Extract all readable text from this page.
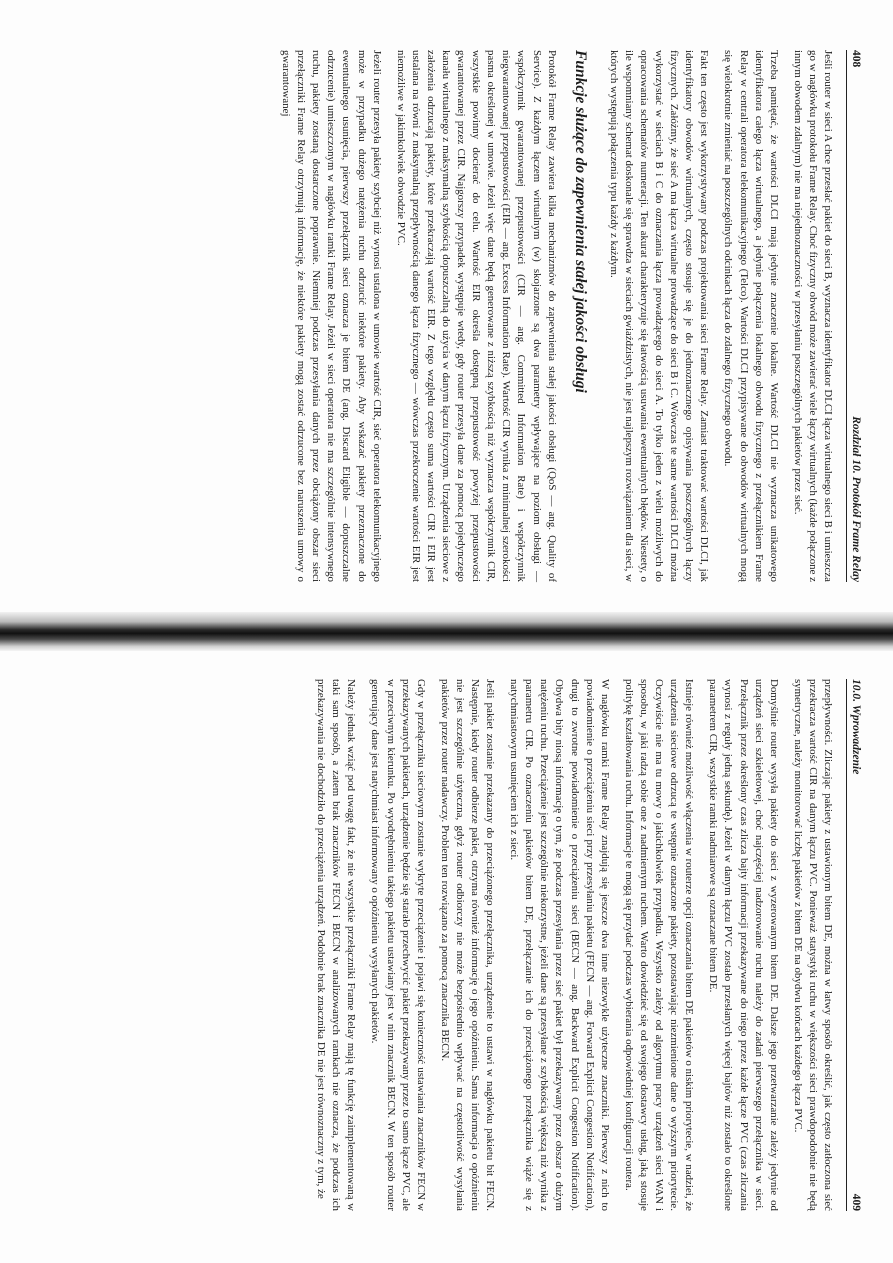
408
Rozdział 10. Protokół Frame Relay

Jeśli router w sieci A chce przesłać pakiet do sieci B, wyznacza identyfikator DLCI łącza wirtualnego sieci B i umieszcza go w nagłówku protokołu Frame Relay. Choć fizyczny obwód może zawierać wiele łączy wirtualnych (każde połączone z innym obwodem zdalnym) nie ma niejednoznaczności w przesyłaniu poszczególnych pakietów przez sieć.

Trzeba pamiętać, że wartości DLCI mają jedynie znaczenie lokalne. Wartość DLCI nie wyznacza unikatowego identyfikatora całego łącza wirtualnego, a jedynie połączenia lokalnego obwodu fizycznego z przełącznikiem Frame Relay w centrali operatora telekomunikacyjnego (Telco). Wartości DLCI przypisywane do obwodów wirtualnych mogą się wielokrotnie zmieniać na poszczególnych odcinkach łącza do zdalnego fizycznego obwodu.

Fakt ten często jest wykorzystywany podczas projektowania sieci Frame Relay. Zamiast traktować wartości DLCI, jak identyfikatory obwodów wirtualnych, często stosuje się je do jednoznacznego opisywania poszczególnych łączy fizycznych. Załóżmy, że sieć A ma łącza wirtualne prowadzące do sieci B i C. Wówczas te same wartości DLCI można wykorzystać w sieciach B i C do oznaczania łącza prowadzącego do sieci A. To tylko jeden z wielu możliwych do opracowania schematów numeracji. Ten akurat charakteryzuje się łatwością usuwania ewentualnych błędów. Niestety, o ile wspomniany schemat doskonale się sprawdza w sieciach gwiaździstych, nie jest najlepszym rozwiązaniem dla sieci, w których występują połączenia typu każdy z każdym.

Funkcje służące do zapewnienia stałej jakości obsługi

Protokół Frame Relay zawiera kilka mechanizmów do zapewnienia stałej jakości obsługi (QoS — ang. Quality of Service). Z każdym łączem wirtualnym (w) skojarzone są dwa parametry wpływające na poziom obsługi — współczynnik gwarantowanej przepustowości (CIR — ang. Committed Information Rate) i współczynnik niegwarantowanej przepustowości (EIR — ang. Excess Information Rate). Wartość CIR wynika z minimalnej szerokości pasma określonej w umowie. Jeżeli więc dane będą generowane z niższą szybkością niż wyznacza współczynnik CIR, wszystkie powinny docierać do celu. Wartość EIR określa dostępną przepustowość powyżej przepustowości gwarantowanej przez CIR. Najgorszy przypadek występuje wtedy, gdy router przesyła dane za pomocą pojedynczego kanału wirtualnego z maksymalną szybkością dopuszczalną do użycia w danym łączu fizycznym. Urządzenia sieciowe z założenia odrzucają pakiety, które przekraczają wartość EIR. Z tego względu często suma wartości CIR i EIR jest ustalana na równi z maksymalną przepływnością danego łącza fizycznego — wówczas przekroczenie wartości EIR jest niemożliwe w jakimkolwiek obwodzie PVC.

Jeżeli router przesyła pakiety szybciej niż wynosi ustalona w umowie wartość CIR, sieć operatora telekomunikacyjnego może w przypadku dużego natężenia ruchu odrzucić niektóre pakiety. Aby wskazać pakiety przeznaczone do ewentualnego usunięcia, pierwszy przełącznik sieci oznacza je bitem DE (ang. Discard Eligible — dopuszczalne odrzucenie) umieszczonym w nagłówku ramki Frame Relay. Jeżeli w sieci operatora nie ma szczególnie intensywnego ruchu, pakiety zostaną dostarczone poprawnie. Niemniej podczas przesyłania danych przez obciążony obszar sieci przełączniki Frame Relay otrzymują informację, że niektóre pakiety mogą zostać odrzucone bez naruszenia umowy o gwarantowanej

10.0. Wprowadzenie
409

przepływności. Zliczając pakiety z ustawionym bitem DE, można w łatwy sposób określić, jak często zatłoczona sieć przekracza wartość CIR na danym łączu PVC. Ponieważ statystyki ruchu w większości sieci prawdopodobnie nie będą symetryczne, należy monitorować liczbę pakietów z bitem DE na obydwu końcach każdego łącza PVC.

Domyślnie router wysyła pakiety do sieci z wyzerowanym bitem DE. Dalsze jego przetwarzanie zależy jedynie od urządzeń sieci szkieletowej, choć najczęściej nadzorowanie ruchu należy do zadań pierwszego przełącznika w sieci. Przełącznik przez określony czas zlicza bajty informacji przekazywane do niego przez każde łącze PVC (czas zliczania wynosi z reguły jedną sekundę). Jeżeli w danym łączu PVC zostało przesłanych więcej bajtów niż zostało to określone parametrem CIR, wszystkie ramki nadmiarowe są oznaczane bitem DE.

Istnieje również możliwość włączenia w routerze opcji oznaczania bitem DE pakietów o niskim priorytecie, w nadziei, że urządzenia sieciowe odrzucą te wstępnie oznaczone pakiety, pozostawiając niezmienione dane o wyższym priorytecie. Oczywiście nie ma tu mowy o jakichkolwiek przypadku. Wszystko zależy od algorytmu pracy urządzeń sieci WAN i sposobu, w jaki radzą sobie one z nadmiernym ruchem. Warto dowiedzieć się od swojego dostawcy usług, jaką stosuje politykę kształtowania ruchu. Informacje te mogą się przydać podczas wybierania odpowiedniej konfiguracji routera.

W nagłówku ramki Frame Relay znajdują się jeszcze dwa inne niezwykle użyteczne znaczniki. Pierwszy z nich to powiadomienie o przeciążeniu sieci przy przesyłaniu pakietu (FECN — ang. Forward Explicit Congestion Notification), drugi to zwrotne powiadomienie o przeciążeniu sieci (BECN — ang. Backward Explicit Congestion Notification). Obydwa bity niosą informację o tym, że podczas przesyłania przez sieć pakiet był przekazywany przez obszar o dużym natężeniu ruchu. Przeciążenie jest szczególnie niekorzystne, jeżeli dane są przesyłane z szybkością większą niż wynika z parametru CIR. Po oznaczeniu pakietów bitem DE, przełączanie ich do przeciążonego przełącznika wiąże się z natychmiastowym usunięciem ich z sieci.

Jeśli pakiet zostanie przekazany do przeciążonego przełącznika, urządzenie to ustawi w nagłówku pakietu bit FECN. Następnie, kiedy router odbierze pakiet, otrzyma również informację o jego opóźnieniu. Sama informacja o opóźnieniu nie jest szczególnie użyteczna, gdyż router odbiorczy nie może bezpośrednio wpływać na częstotliwość wysyłania pakietów przez router nadawczy. Problem ten rozwiązano za pomocą znacznika BECN.

Gdy w przełączniku sieciowym zostanie wykryte przeciążenie i pojawi się konieczność ustawiania znaczników FECN w przekazywanych pakietach, urządzenie będzie się starało przechwycić pakiet przekazywany przez to samo łącze PVC, ale w przeciwnym kierunku. Po wyodrębnieniu takiego pakietu ustawiany jest w nim znacznik BECN. W ten sposób router generujący dane jest natychmiast informowany o opóźnieniu wysyłanych pakietów.

Należy jednak wziąć pod uwagę fakt, że nie wszystkie przełączniki Frame Relay mają tę funkcję zaimplementowaną w taki sam sposób, a zatem brak znaczników FECN i BECN w analizowanych ramkach nie oznacza, że podczas ich przekazywania nie dochodziło do przeciążenia urządzeń. Podobnie brak znacznika DE nie jest równoznaczny z tym, że
